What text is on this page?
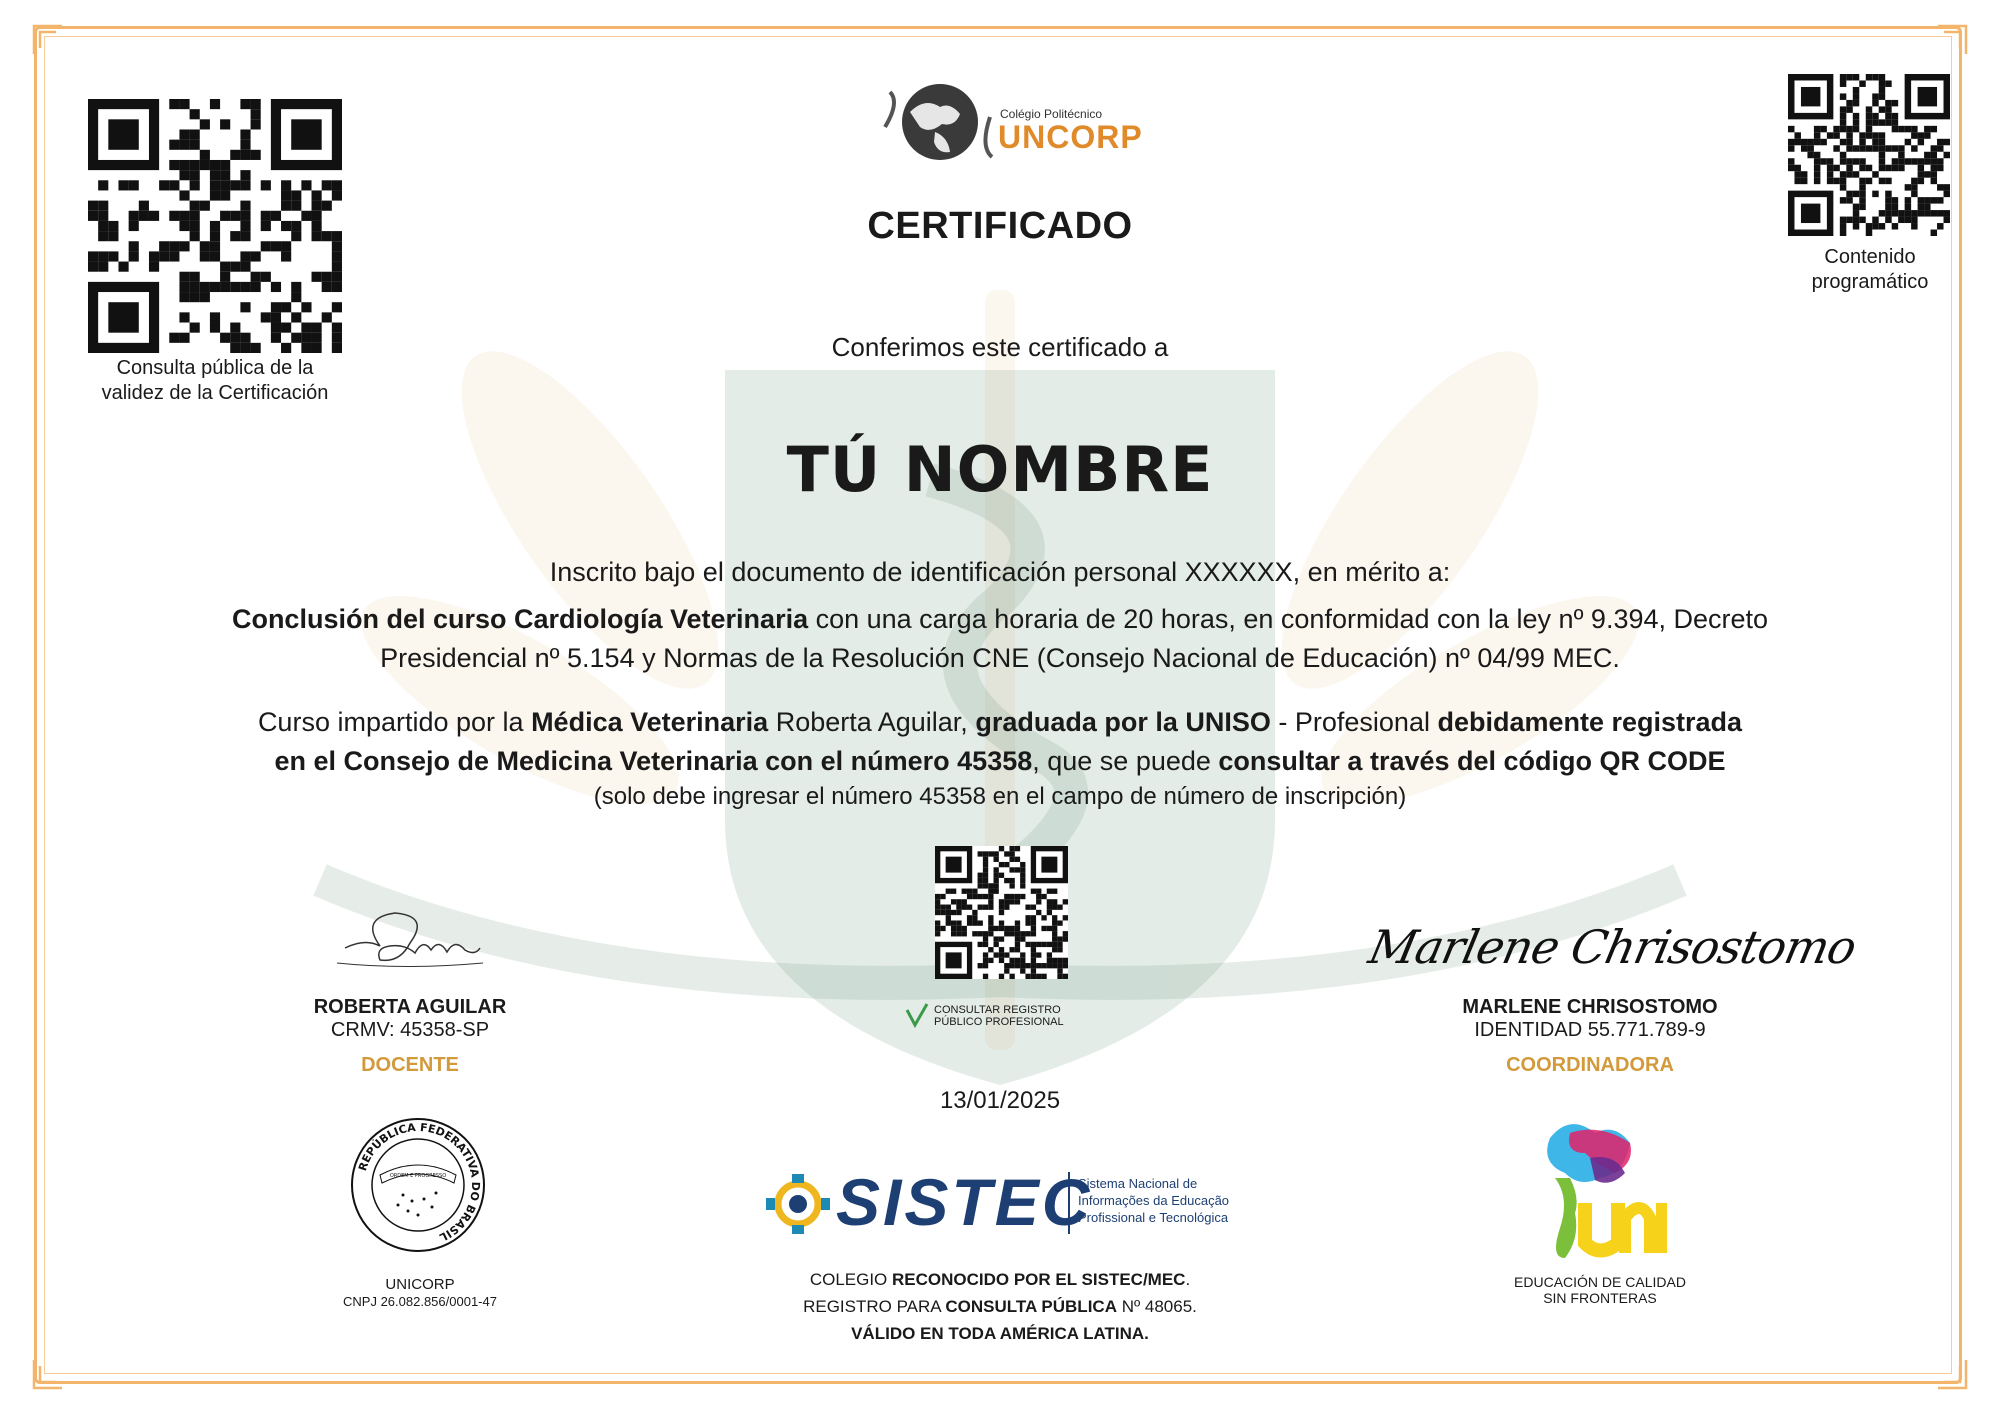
Consulta pública de la
validez de la Certificación
Contenido
programático
Colégio Politécnico
UNCORP
CERTIFICADO
Conferimos este certificado a
TÚ NOMBRE
Inscrito bajo el documento de identificación personal XXXXXX, en mérito a:
Conclusión del curso Cardiología Veterinaria con una carga horaria de 20 horas, en conformidad con la ley nº 9.394, Decreto
Presidencial nº 5.154 y Normas de la Resolución CNE (Consejo Nacional de Educación) nº 04/99 MEC.
Curso impartido por la Médica Veterinaria Roberta Aguilar, graduada por la UNISO - Profesional debidamente registrada
en el Consejo de Medicina Veterinaria con el número 45358, que se puede consultar a través del código QR CODE
(solo debe ingresar el número 45358 en el campo de número de inscripción)
CONSULTAR REGISTRO
PÚBLICO PROFESIONAL
ROBERTA AGUILAR
CRMV: 45358-SP
DOCENTE
Marlene Chrisostomo
MARLENE CHRISOSTOMO
IDENTIDAD 55.771.789-9
COORDINADORA
13/01/2025
REPÚBLICA FEDERATIVA DO BRASIL
ORDEM E PROGRESSO
UNICORP
CNPJ 26.082.856/0001-47
SISTEC
Sistema Nacional de
Informações da Educação
Profissional e Tecnológica
COLEGIO RECONOCIDO POR EL SISTEC/MEC.
REGISTRO PARA CONSULTA PÚBLICA Nº 48065.
VÁLIDO EN TODA AMÉRICA LATINA.
EDUCACIÓN DE CALIDAD
SIN FRONTERAS
